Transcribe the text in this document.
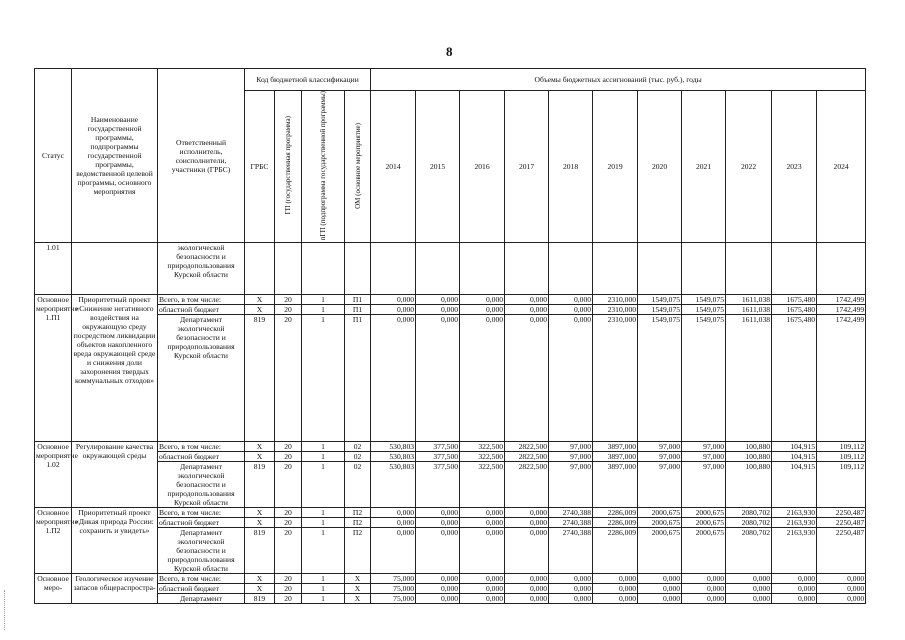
8
Статус	Наименование государственной программы, подпрограммы государственной программы, ведомственной целевой программы, основного мероприятия	Ответственный исполнитель, соисполнители, участники (ГРБС)	Код бюджетной классификации				Объемы бюджетных ассигнований (тыс. руб.), годы										
			ГРБС	ГП (государственная программа)	пГП (подпрограмма государственной программы)	ОМ (основное мероприятие)	2014	2015	2016	2017	2018	2019	2020	2021	2022	2023	2024
1.01		экологической безопасности и природопользования Курской области															
Основное мероприятие 1.П1	Приоритетный проект «Снижение негативного воздействия на окружающую среду посредством ликвидации объектов накопленного вреда окружающей среде и снижения доли захоронения твердых коммунальных отходов»	Всего, в том числе:	X	20	1	П1	0,000	0,000	0,000	0,000	0,000	2310,000	1549,075	1549,075	1611,038	1675,480	1742,499
		областной бюджет	X	20	1	П1	0,000	0,000	0,000	0,000	0,000	2310,000	1549,075	1549,075	1611,038	1675,480	1742,499
		Департамент экологической безопасности и природопользования Курской области	819	20	1	П1	0,000	0,000	0,000	0,000	0,000	2310,000	1549,075	1549,075	1611,038	1675,480	1742,499
Основное мероприятие 1.02	Регулирование качества окружающей среды	Всего, в том числе:	X	20	1	02	530,803	377,500	322,500	2822,500	97,000	3897,000	97,000	97,000	100,880	104,915	109,112
		областной бюджет	X	20	1	02	530,803	377,500	322,500	2822,500	97,000	3897,000	97,000	97,000	100,880	104,915	109,112
		Департамент экологической безопасности и природопользования Курской области	819	20	1	02	530,803	377,500	322,500	2822,500	97,000	3897,000	97,000	97,000	100,880	104,915	109,112
Основное мероприятие 1.П2	Приоритетный проект «Дикая природа России: сохранить и увидеть»	Всего, в том числе:	X	20	1	П2	0,000	0,000	0,000	0,000	2740,388	2286,009	2000,675	2000,675	2080,702	2163,930	2250,487
		областной бюджет	X	20	1	П2	0,000	0,000	0,000	0,000	2740,388	2286,009	2000,675	2000,675	2080,702	2163,930	2250,487
		Департамент экологической безопасности и природопользования Курской области	819	20	1	П2	0,000	0,000	0,000	0,000	2740,388	2286,009	2000,675	2000,675	2080,702	2163,930	2250,487
Основное меро-	Геологическое изучение запасов общераспростра-	Всего, в том числе:	X	20	1	X	75,000	0,000	0,000	0,000	0,000	0,000	0,000	0,000	0,000	0,000	0,000
		областной бюджет	X	20	1	X	75,000	0,000	0,000	0,000	0,000	0,000	0,000	0,000	0,000	0,000	0,000
		Департамент	819	20	1	X	75,000	0,000	0,000	0,000	0,000	0,000	0,000	0,000	0,000	0,000	0,000
